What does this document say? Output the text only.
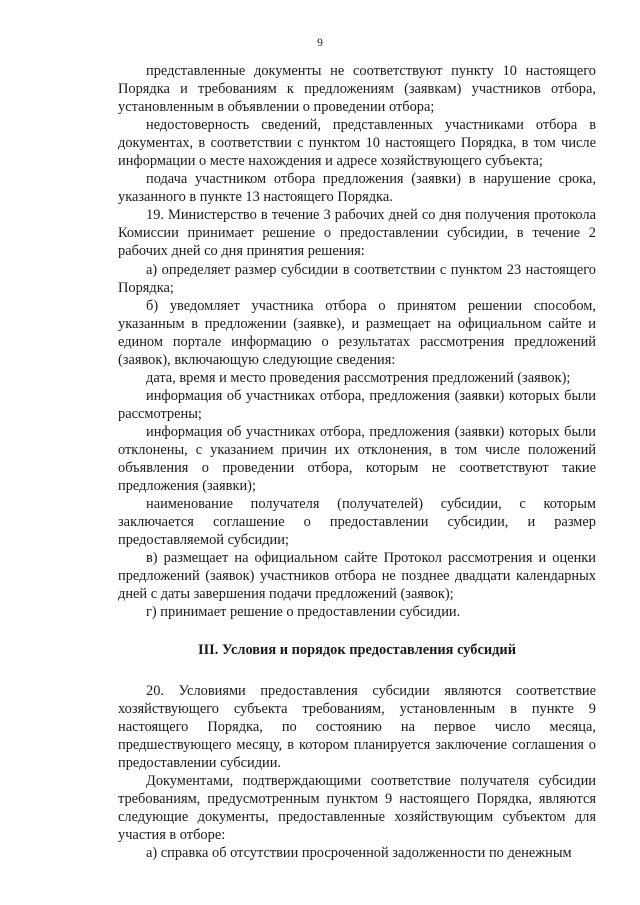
9

представленные документы не соответствуют пункту 10 настоящего Порядка и требованиям к предложениям (заявкам) участников отбора, установленным в объявлении о проведении отбора;

недостоверность сведений, представленных участниками отбора в документах, в соответствии с пунктом 10 настоящего Порядка, в том числе информации о месте нахождения и адресе хозяйствующего субъекта;

подача участником отбора предложения (заявки) в нарушение срока, указанного в пункте 13 настоящего Порядка.

19. Министерство в течение 3 рабочих дней со дня получения протокола Комиссии принимает решение о предоставлении субсидии, в течение 2 рабочих дней со дня принятия решения:

а) определяет размер субсидии в соответствии с пунктом 23 настоящего Порядка;

б) уведомляет участника отбора о принятом решении способом, указанным в предложении (заявке), и размещает на официальном сайте и едином портале информацию о результатах рассмотрения предложений (заявок), включающую следующие сведения:

дата, время и место проведения рассмотрения предложений (заявок);

информация об участниках отбора, предложения (заявки) которых были рассмотрены;

информация об участниках отбора, предложения (заявки) которых были отклонены, с указанием причин их отклонения, в том числе положений объявления о проведении отбора, которым не соответствуют такие предложения (заявки);

наименование получателя (получателей) субсидии, с которым заключается соглашение о предоставлении субсидии, и размер предоставляемой субсидии;

в) размещает на официальном сайте Протокол рассмотрения и оценки предложений (заявок) участников отбора не позднее двадцати календарных дней с даты завершения подачи предложений (заявок);

г) принимает решение о предоставлении субсидии.

III. Условия и порядок предоставления субсидий

20. Условиями предоставления субсидии являются соответствие хозяйствующего субъекта требованиям, установленным в пункте 9 настоящего Порядка, по состоянию на первое число месяца, предшествующего месяцу, в котором планируется заключение соглашения о предоставлении субсидии.

Документами, подтверждающими соответствие получателя субсидии требованиям, предусмотренным пунктом 9 настоящего Порядка, являются следующие документы, предоставленные хозяйствующим субъектом для участия в отборе:

а) справка об отсутствии просроченной задолженности по денежным
